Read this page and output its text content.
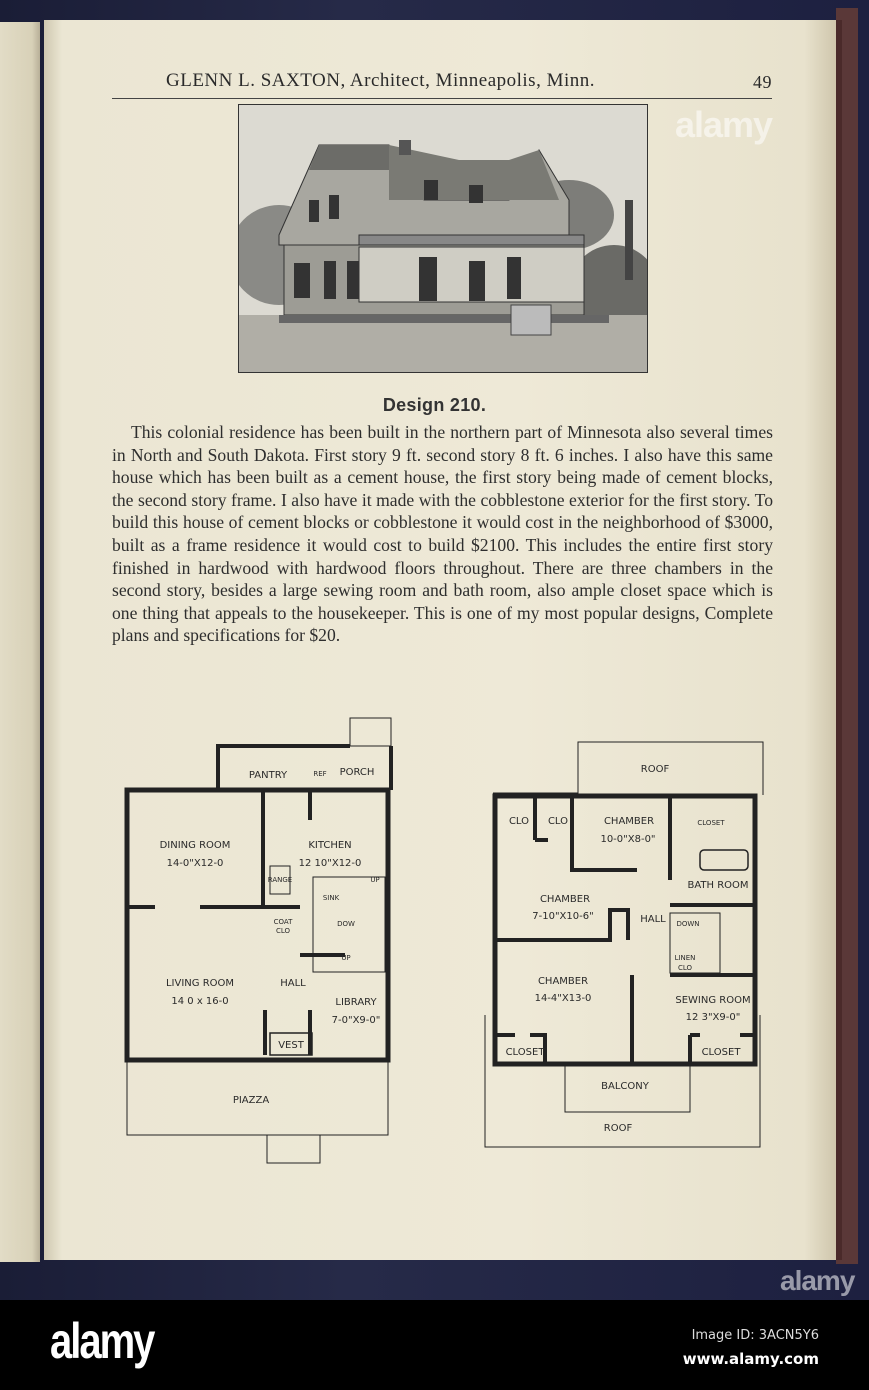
GLENN L. SAXTON, Architect, Minneapolis, Minn.	49
Design 210.
This colonial residence has been built in the northern part of Minnesota also several times in North and South Dakota. First story 9 ft. second story 8 ft. 6 inches. I also have this same house which has been built as a cement house, the first story being made of cement blocks, the second story frame. I also have it made with the cobblestone exterior for the first story. To build this house of cement blocks or cobblestone it would cost in the neighborhood of $3000, built as a frame residence it would cost to build $2100. This includes the entire first story finished in hardwood with hardwood floors throughout. There are three chambers in the second story, besides a large sewing room and bath room, also ample closet space which is one thing that appeals to the housekeeper. This is one of my most popular designs, Complete plans and specifications for $20.
PANTRY	REF PORCH
DINING ROOM
14-0"X12-0
KITCHEN
12 10"X12-0
RANGE
SINK
UP
COAT
CLO
DOW
UP
LIVING ROOM
14 0 x 16-0
HALL
LIBRARY
7-0"X9-0"
VEST
PIAZZA
ROOF
CLO CLO	CHAMBER
10-0"X8-0"
CLOSET
BATH ROOM
CHAMBER
7-10"X10-6"	HALL DOWN
LINEN
CLO
CHAMBER
14-4"X13-0	SEWING ROOM
12 3"X9-0"
CLOSET	CLOSET
BALCONY
ROOF
alamy
alamy
alamy	Image ID: 3ACN5Y6
www.alamy.com
